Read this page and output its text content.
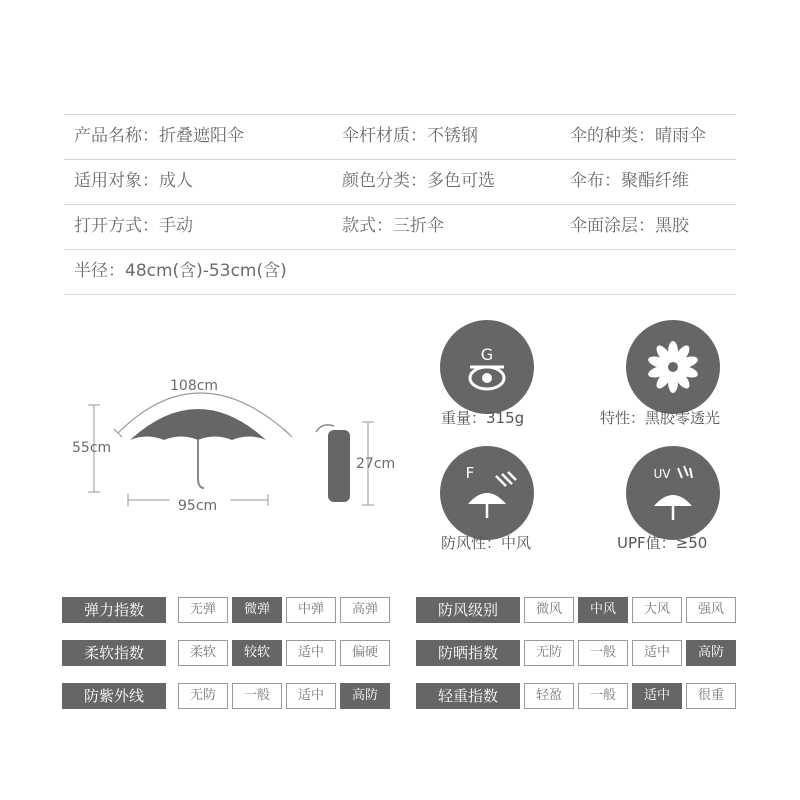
产品名称：折叠遮阳伞	伞杆材质：不锈钢	伞的种类：晴雨伞
适用对象：成人	颜色分类：多色可选	伞布：聚酯纤维
打开方式：手动	款式：三折伞	伞面涂层：黑胶
半径：48cm(含)-53cm(含)
108cm
55cm
95cm
27cm
G
重量：315g	特性：黑胶零透光
F
防风性：中风
UV
UPF值：≥50
弹力指数	无弹	微弹	中弹	高弹
柔软指数	柔软	较软	适中	偏硬
防紫外线	无防	一般	适中	高防
防风级别	微风	中风	大风	强风
防晒指数	无防	一般	适中	高防
轻重指数	轻盈	一般	适中	很重
